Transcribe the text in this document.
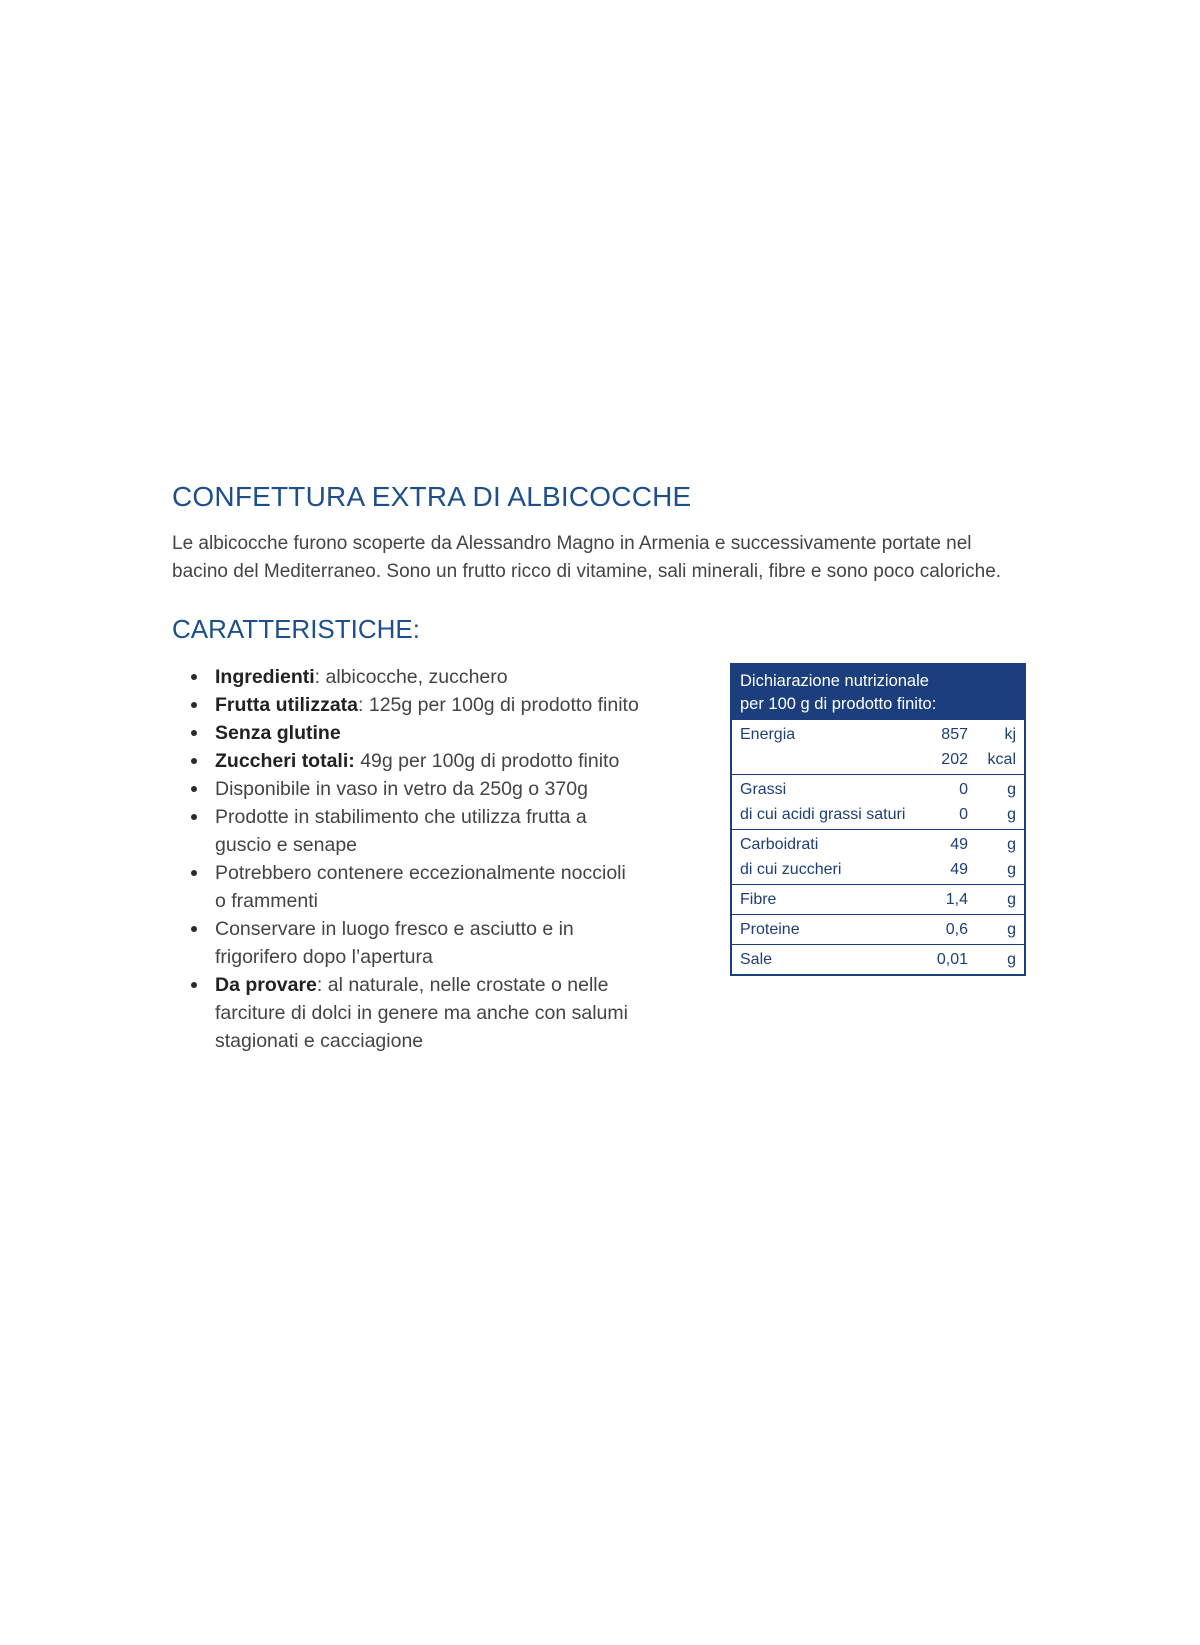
CONFETTURA EXTRA DI ALBICOCCHE

Le albicocche furono scoperte da Alessandro Magno in Armenia e successivamente portate nel bacino del Mediterraneo. Sono un frutto ricco di vitamine, sali minerali, fibre e sono poco caloriche.

CARATTERISTICHE:
Ingredienti: albicocche, zucchero
Frutta utilizzata: 125g per 100g di prodotto finito
Senza glutine
Zuccheri totali: 49g per 100g di prodotto finito
Disponibile in vaso in vetro da 250g o 370g
Prodotte in stabilimento che utilizza frutta a guscio e senape
Potrebbero contenere eccezionalmente noccioli o frammenti
Conservare in luogo fresco e asciutto e in frigorifero dopo l’apertura
Da provare: al naturale, nelle crostate o nelle farciture di dolci in genere ma anche con salumi stagionati e cacciagione
Dichiarazione nutrizionale
per 100 g di prodotto finito:
Energia	857	kj
202	kcal
Grassi	0	g
di cui acidi grassi saturi	0	g
Carboidrati	49	g
di cui zuccheri	49	g
Fibre	1,4	g
Proteine	0,6	g
Sale	0,01	g
